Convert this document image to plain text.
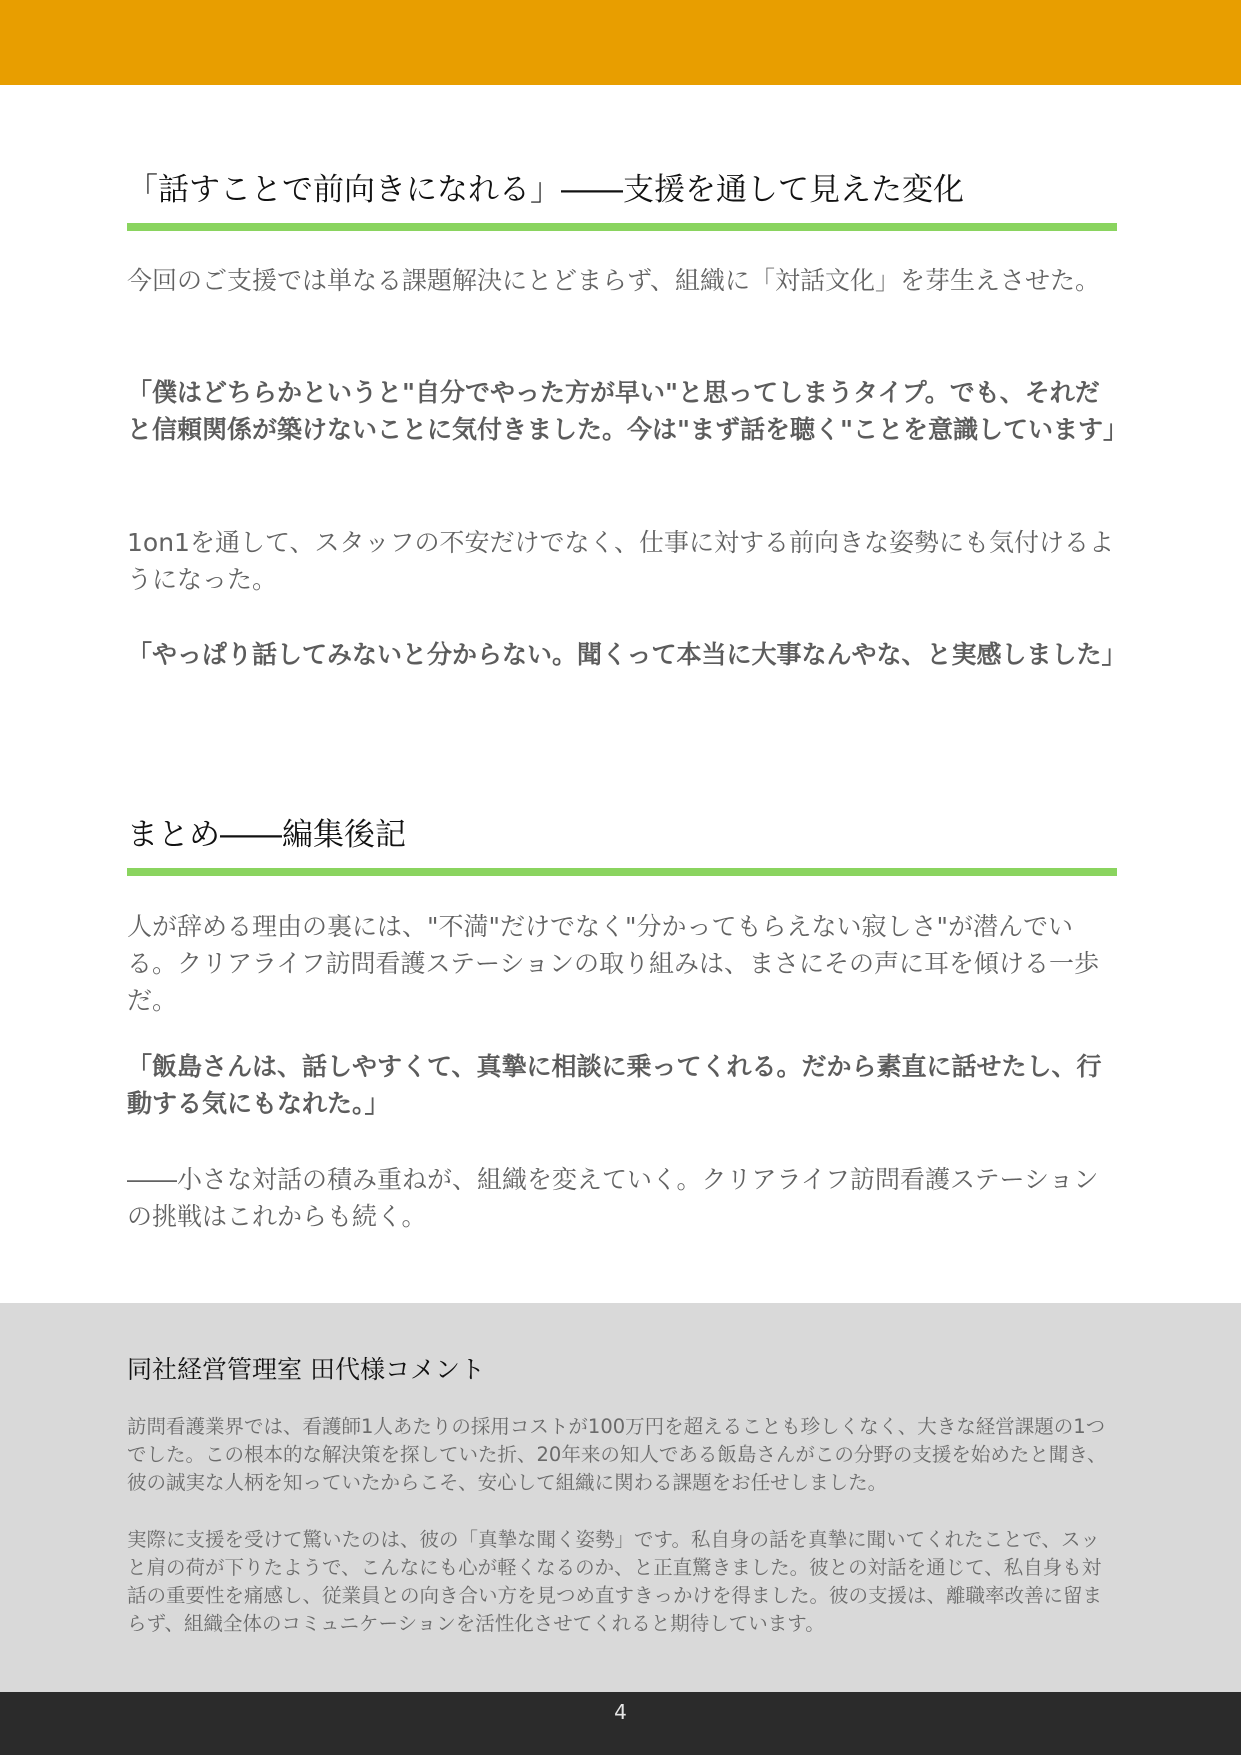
「話すことで前向きになれる」――支援を通して見えた変化

今回のご支援では単なる課題解決にとどまらず、組織に「対話文化」を芽生えさせた。

「僕はどちらかというと"自分でやった方が早い"と思ってしまうタイプ。でも、それだと信頼関係が築けないことに気付きました。今は"まず話を聴く"ことを意識しています」

1on1を通して、スタッフの不安だけでなく、仕事に対する前向きな姿勢にも気付けるようになった。

「やっぱり話してみないと分からない。聞くって本当に大事なんやな、と実感しました」

まとめ――編集後記

人が辞める理由の裏には、"不満"だけでなく"分かってもらえない寂しさ"が潜んでいる。クリアライフ訪問看護ステーションの取り組みは、まさにその声に耳を傾ける一歩だ。

「飯島さんは、話しやすくて、真摯に相談に乗ってくれる。だから素直に話せたし、行動する気にもなれた。」

――小さな対話の積み重ねが、組織を変えていく。クリアライフ訪問看護ステーションの挑戦はこれからも続く。

同社経営管理室 田代様コメント

訪問看護業界では、看護師1人あたりの採用コストが100万円を超えることも珍しくなく、大きな経営課題の1つでした。この根本的な解決策を探していた折、20年来の知人である飯島さんがこの分野の支援を始めたと聞き、彼の誠実な人柄を知っていたからこそ、安心して組織に関わる課題をお任せしました。

実際に支援を受けて驚いたのは、彼の「真摯な聞く姿勢」です。私自身の話を真摯に聞いてくれたことで、スッと肩の荷が下りたようで、こんなにも心が軽くなるのか、と正直驚きました。彼との対話を通じて、私自身も対話の重要性を痛感し、従業員との向き合い方を見つめ直すきっかけを得ました。彼の支援は、離職率改善に留まらず、組織全体のコミュニケーションを活性化させてくれると期待しています。

4
